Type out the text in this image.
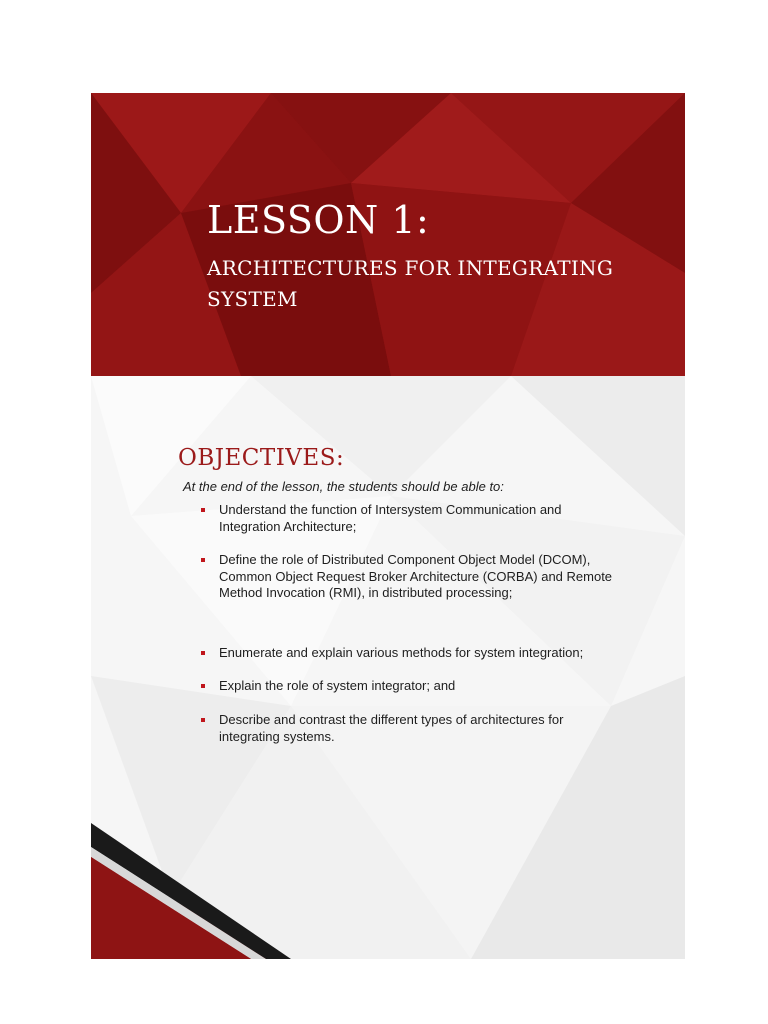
LESSON 1:
ARCHITECTURES FOR INTEGRATING SYSTEM
OBJECTIVES:

At the end of the lesson, the students should be able to:

Understand the function of Intersystem Communication and Integration Architecture;
Define the role of Distributed Component Object Model (DCOM), Common Object Request Broker Architecture (CORBA) and Remote Method Invocation (RMI), in distributed processing;
Enumerate and explain various methods for system integration;
Explain the role of system integrator; and
Describe and contrast the different types of architectures for integrating systems.
